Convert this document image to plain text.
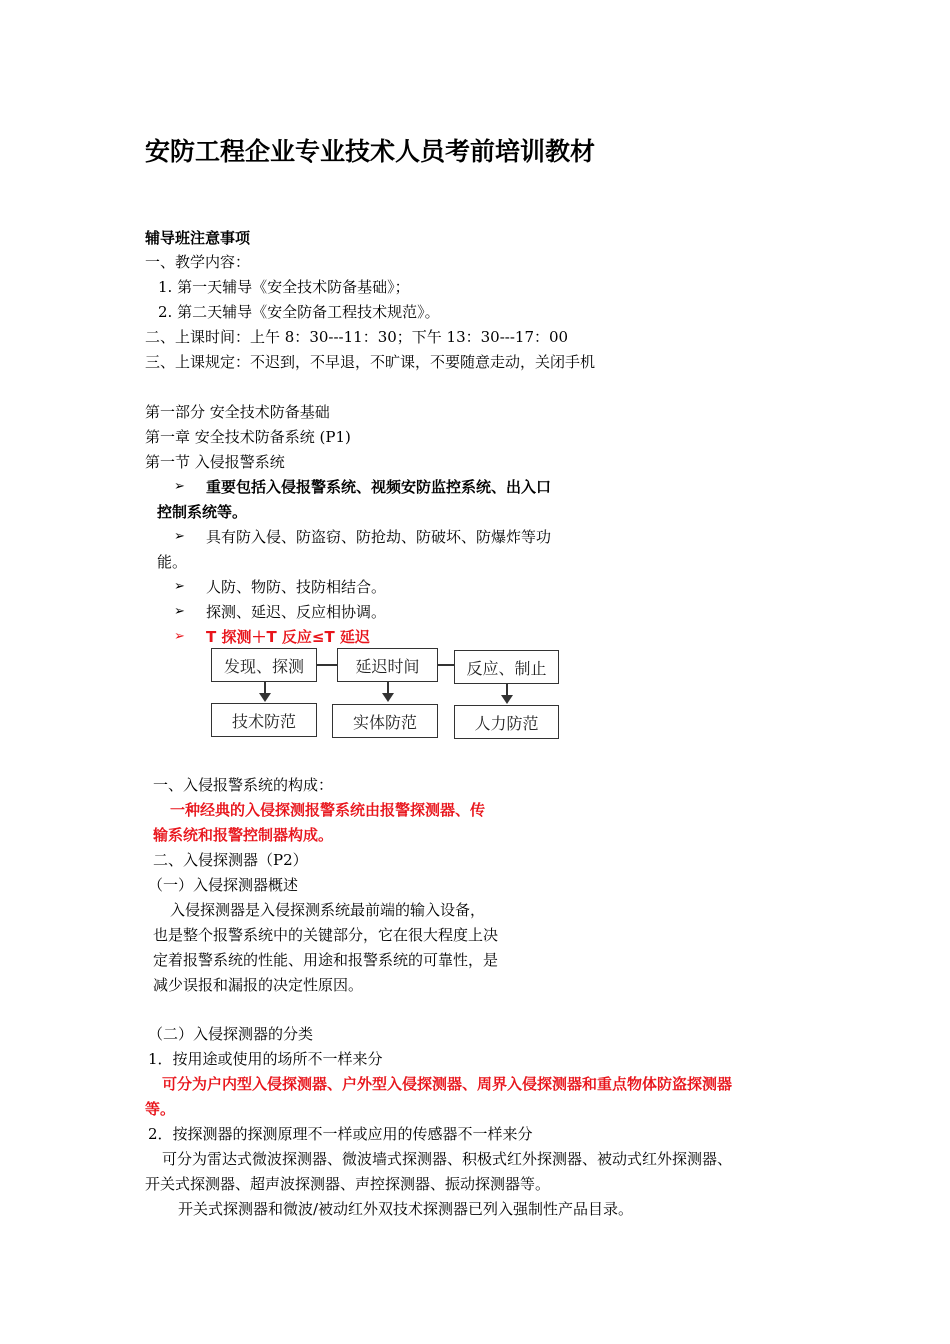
安防工程企业专业技术人员考前培训教材
辅导班注意事项
一、教学内容：
1. 第一天辅导《安全技术防备基础》；
2. 第二天辅导《安全防备工程技术规范》。
二、上课时间：上午 8：30---11：30；下午 13：30---17：00
三、上课规定：不迟到，不早退，不旷课，不要随意走动，关闭手机
第一部分 安全技术防备基础
第一章 安全技术防备系统 (P1)
第一节 入侵报警系统
➢ 重要包括入侵报警系统、视频安防监控系统、出入口
控制系统等。
➢ 具有防入侵、防盗窃、防抢劫、防破坏、防爆炸等功
能。
➢ 人防、物防、技防相结合。
➢ 探测、延迟、反应相协调。
➢ T 探测＋T 反应≤T 延迟
发现、探测	延迟时间	反应、制止
技术防范	实体防范	人力防范
一、入侵报警系统的构成：
一种经典的入侵探测报警系统由报警探测器、传
输系统和报警控制器构成。
二、入侵探测器（P2）
（一）入侵探测器概述
入侵探测器是入侵探测系统最前端的输入设备，
也是整个报警系统中的关键部分，它在很大程度上决
定着报警系统的性能、用途和报警系统的可靠性，是
减少误报和漏报的决定性原因。
（二）入侵探测器的分类
1．按用途或使用的场所不一样来分
可分为户内型入侵探测器、户外型入侵探测器、周界入侵探测器和重点物体防盗探测器
等。
2．按探测器的探测原理不一样或应用的传感器不一样来分
可分为雷达式微波探测器、微波墙式探测器、积极式红外探测器、被动式红外探测器、
开关式探测器、超声波探测器、声控探测器、振动探测器等。
开关式探测器和微波/被动红外双技术探测器已列入强制性产品目录。
